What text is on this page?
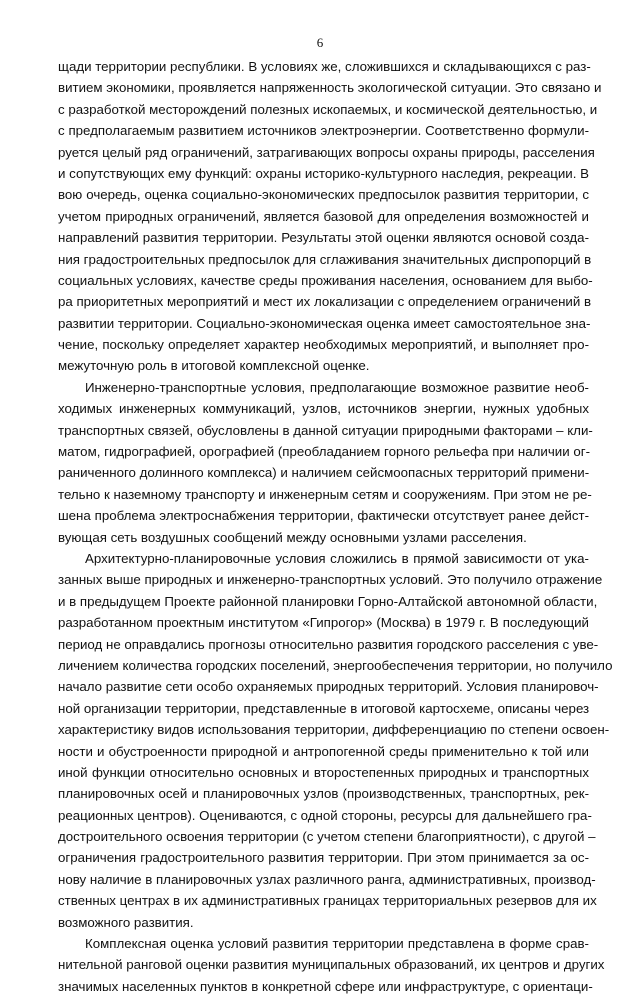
6
щади территории республики. В условиях же, сложившихся и складывающихся с раз-
витием экономики, проявляется напряженность экологической ситуации. Это связано и
с разработкой месторождений полезных ископаемых, и космической деятельностью, и
с предполагаемым развитием источников электроэнергии. Соответственно формули-
руется целый ряд ограничений, затрагивающих вопросы охраны природы, расселения
и сопутствующих ему функций: охраны историко-культурного наследия, рекреации. В
вою очередь, оценка социально-экономических предпосылок развития территории, с
учетом природных ограничений, является базовой для определения возможностей и
направлений развития территории. Результаты этой оценки являются основой созда-
ния градостроительных предпосылок для сглаживания значительных диспропорций в
социальных условиях, качестве среды проживания населения, основанием для выбо-
ра приоритетных мероприятий и мест их локализации с определением ограничений в
развитии территории. Социально-экономическая оценка имеет самостоятельное зна-
чение, поскольку определяет характер необходимых мероприятий, и выполняет про-
межуточную роль в итоговой комплексной оценке.
Инженерно-транспортные условия, предполагающие возможное развитие необ-
ходимых инженерных коммуникаций, узлов, источников энергии, нужных удобных
транспортных связей, обусловлены в данной ситуации природными факторами – кли-
матом, гидрографией, орографией (преобладанием горного рельефа при наличии ог-
раниченного долинного комплекса) и наличием сейсмоопасных территорий примени-
тельно к наземному транспорту и инженерным сетям и сооружениям. При этом не ре-
шена проблема электроснабжения территории, фактически отсутствует ранее дейст-
вующая сеть воздушных сообщений между основными узлами расселения.
Архитектурно-планировочные условия сложились в прямой зависимости от ука-
занных выше природных и инженерно-транспортных условий. Это получило отражение
и в предыдущем Проекте районной планировки Горно-Алтайской автономной области,
разработанном проектным институтом «Гипрогор» (Москва) в 1979 г. В последующий
период не оправдались прогнозы относительно развития городского расселения с уве-
личением количества городских поселений, энергообеспечения территории, но получило
начало развитие сети особо охраняемых природных территорий. Условия планировоч-
ной организации территории, представленные в итоговой картосхеме, описаны через
характеристику видов использования территории, дифференциацию по степени освоен-
ности и обустроенности природной и антропогенной среды применительно к той или
иной функции относительно основных и второстепенных природных и транспортных
планировочных осей и планировочных узлов (производственных, транспортных, рек-
реационных центров). Оцениваются, с одной стороны, ресурсы для дальнейшего гра-
достроительного освоения территории (с учетом степени благоприятности), с другой –
ограничения градостроительного развития территории. При этом принимается за ос-
нову наличие в планировочных узлах различного ранга, административных, производ-
ственных центрах в их административных границах территориальных резервов для их
возможного развития.
Комплексная оценка условий развития территории представлена в форме срав-
нительной ранговой оценки развития муниципальных образований, их центров и других
значимых населенных пунктов в конкретной сфере или инфраструктуре, с ориентаци-
